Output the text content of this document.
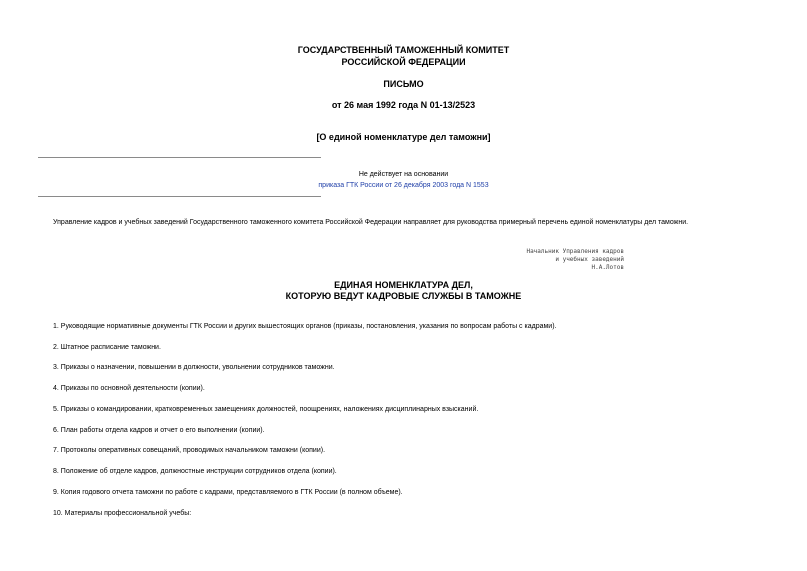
ГОСУДАРСТВЕННЫЙ ТАМОЖЕННЫЙ КОМИТЕТ
РОССИЙСКОЙ ФЕДЕРАЦИИ
ПИСЬМО
от 26 мая 1992 года N 01-13/2523
[О единой номенклатуре дел таможни]
Не действует на основании
приказа ГТК России от 26 декабря 2003 года N 1553
Управление кадров и учебных заведений Государственного таможенного комитета Российской Федерации направляет для руководства примерный перечень единой номенклатуры дел таможни.
Начальник Управления кадров
и учебных заведений
Н.А.Лотов
ЕДИНАЯ НОМЕНКЛАТУРА ДЕЛ,
КОТОРУЮ ВЕДУТ КАДРОВЫЕ СЛУЖБЫ В ТАМОЖНЕ
1. Руководящие нормативные документы ГТК России и других вышестоящих органов (приказы, постановления, указания по вопросам работы с кадрами).
2. Штатное расписание таможни.
3. Приказы о назначении, повышении в должности, увольнении сотрудников таможни.
4. Приказы по основной деятельности (копии).
5. Приказы о командировании, кратковременных замещениях должностей, поощрениях, наложениях дисциплинарных взысканий.
6. План работы отдела кадров и отчет о его выполнении (копии).
7. Протоколы оперативных совещаний, проводимых начальником таможни (копии).
8. Положение об отделе кадров, должностные инструкции сотрудников отдела (копии).
9. Копия годового отчета таможни по работе с кадрами, представляемого в ГТК России (в полном объеме).
10. Материалы профессиональной учебы:
